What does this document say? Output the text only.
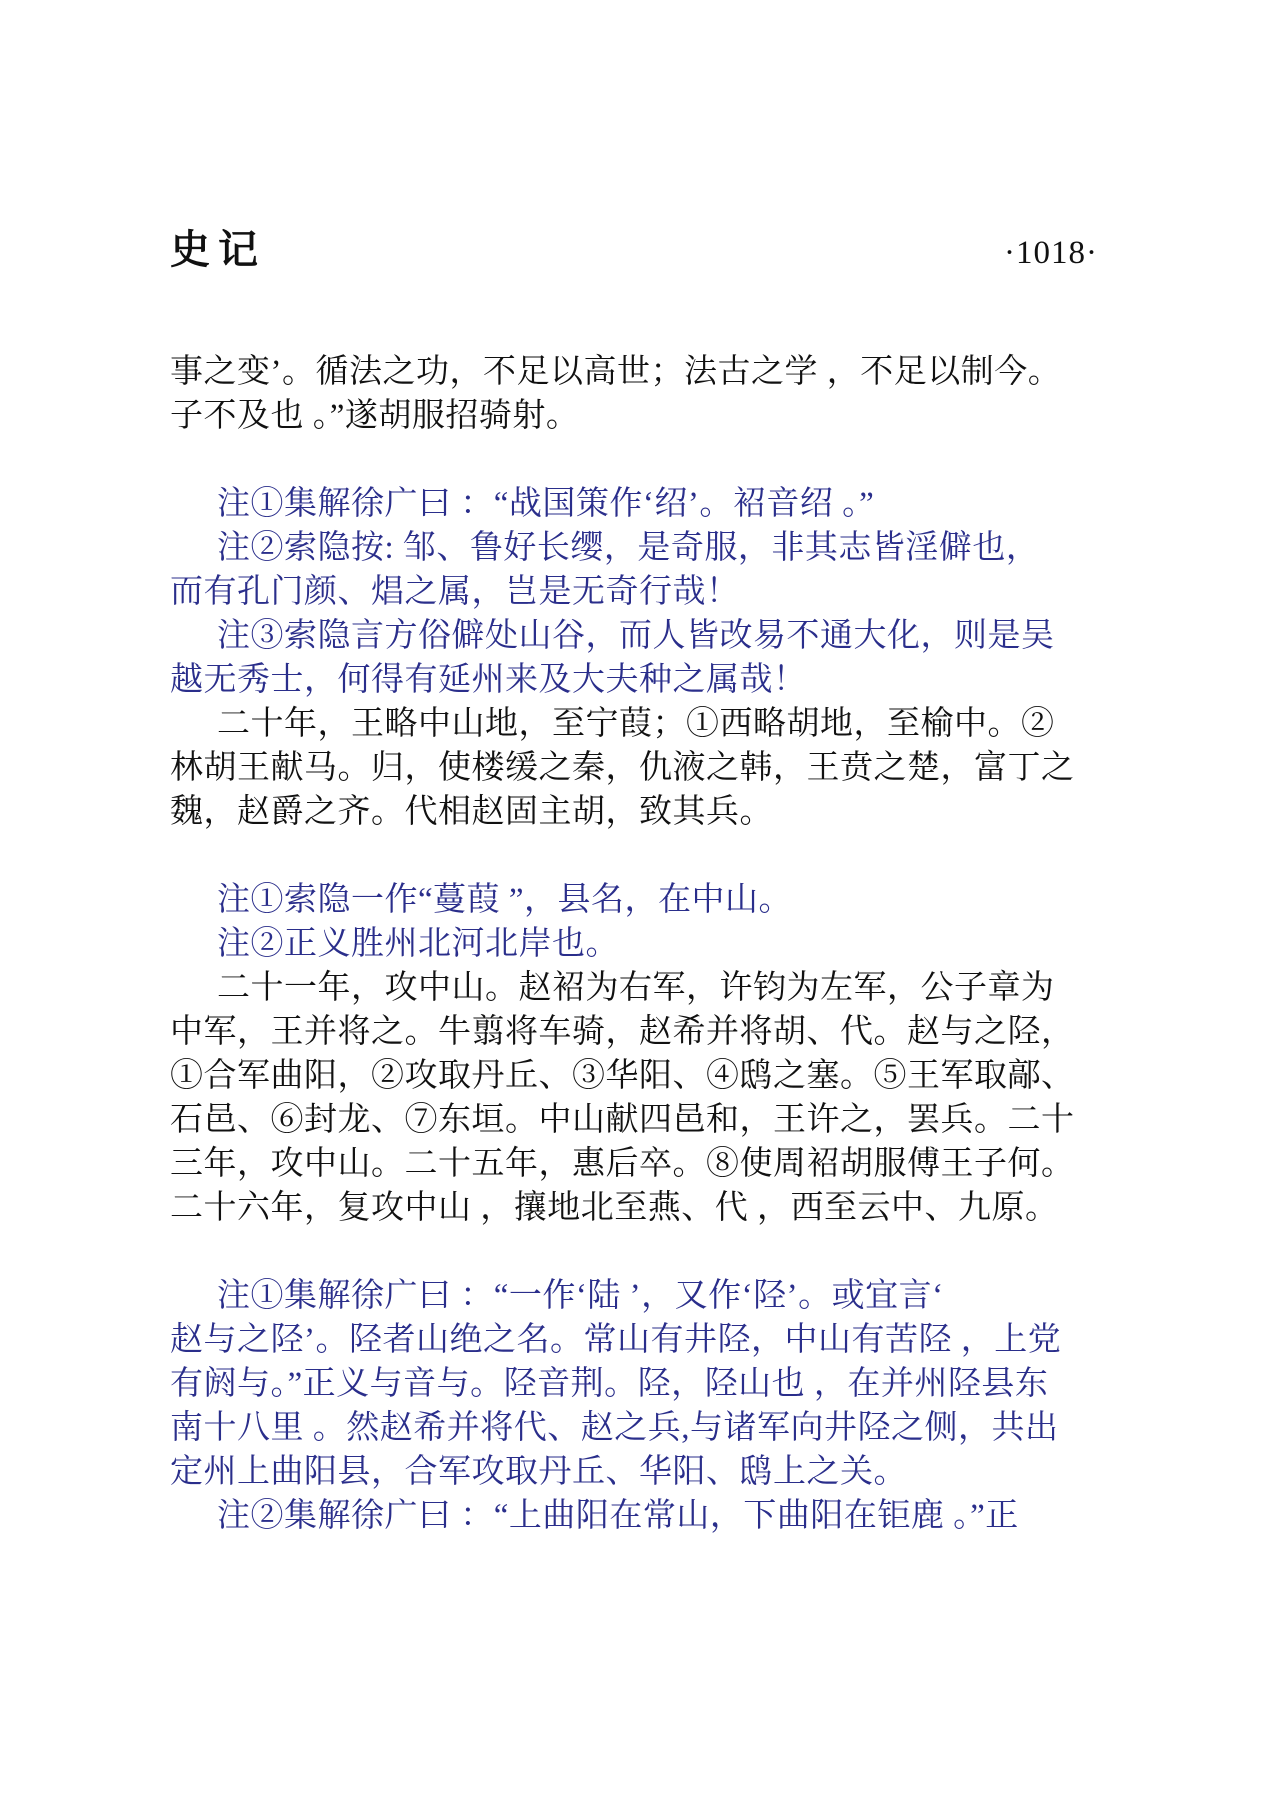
史记	·1018·
事之变’。循法之功，不足以高世；法古之学 ，不足以制今。
子不及也 。”遂胡服招骑射。
注①集解徐广曰 ：“战国策作‘绍’。袑音绍 。”
注②索隐按: 邹、鲁好长缨，是奇服，非其志皆淫僻也，
而有孔门颜、焻之属，岂是无奇行哉！
注③索隐言方俗僻处山谷，而人皆改易不通大化，则是吴
越无秀士，何得有延州来及大夫种之属哉！
二十年，王略中山地，至宁葭；①西略胡地，至榆中。②
林胡王献马。归，使楼缓之秦，仇液之韩，王贲之楚，富丁之
魏，赵爵之齐。代相赵固主胡，致其兵。
注①索隐一作“蔓葭 ”，县名，在中山。
注②正义胜州北河北岸也。
二十一年，攻中山。赵袑为右军，许钧为左军，公子章为
中军，王并将之。牛翦将车骑，赵希并将胡、代。赵与之陉，
①合军曲阳，②攻取丹丘、③华阳、④鸱之塞。⑤王军取鄗、
石邑、⑥封龙、⑦东垣。中山献四邑和，王许之，罢兵。二十
三年，攻中山。二十五年，惠后卒。⑧使周袑胡服傅王子何。
二十六年，复攻中山 ，攘地北至燕、代 ，西至云中、九原。
注①集解徐广曰 ：“一作‘陆 ’，又作‘陉’。或宜言‘
赵与之陉’。陉者山绝之名。常山有井陉，中山有苦陉 ，上党
有阏与。”正义与音与。陉音荆。陉，陉山也 ，在并州陉县东
南十八里 。然赵希并将代、赵之兵,与诸军向井陉之侧，共出
定州上曲阳县，合军攻取丹丘、华阳、鸱上之关。
注②集解徐广曰 ：“上曲阳在常山，下曲阳在钜鹿 。”正
